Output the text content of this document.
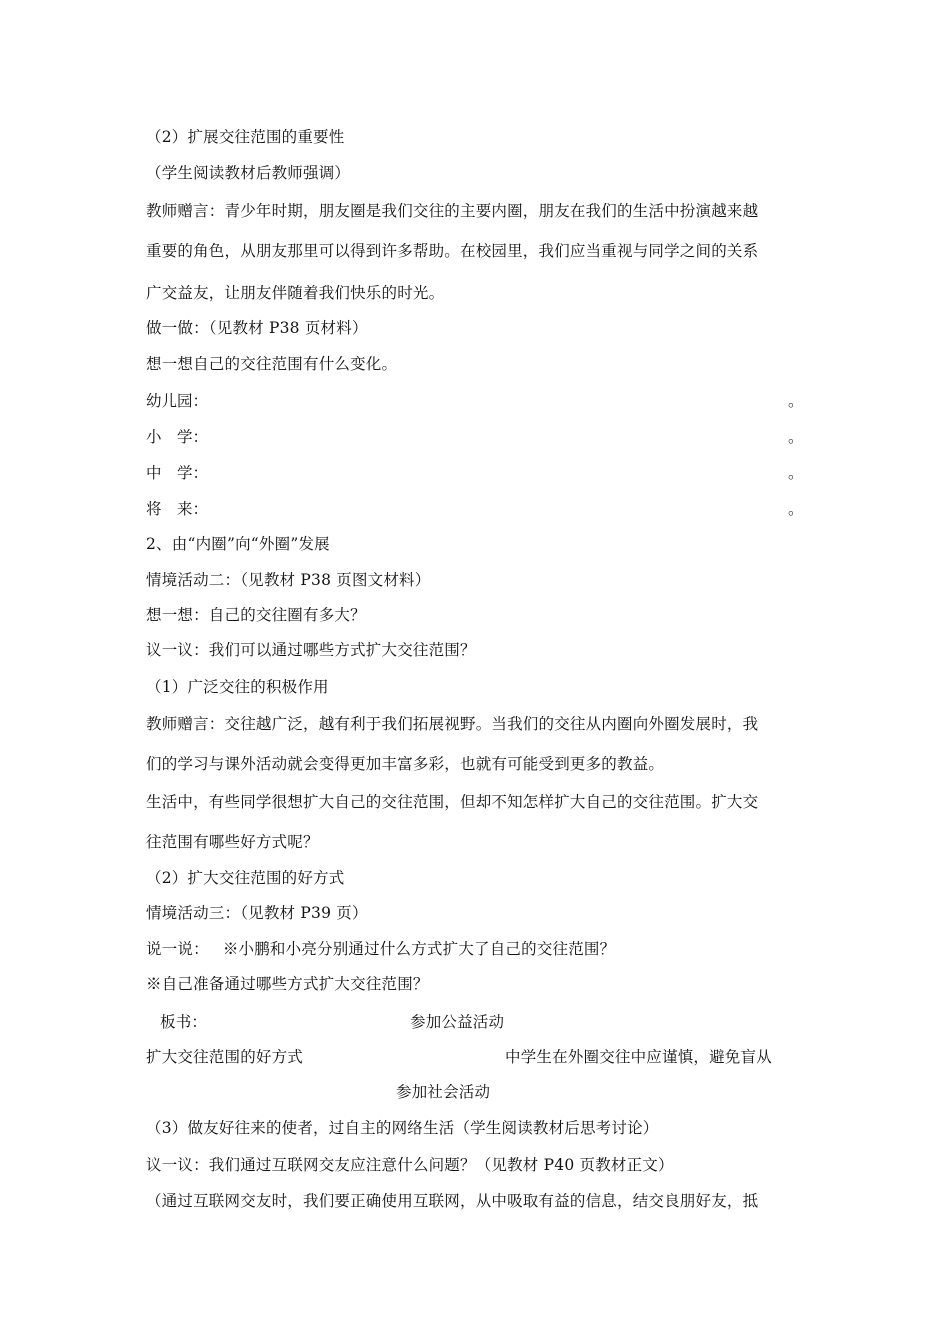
（2）扩展交往范围的重要性
（学生阅读教材后教师强调）
教师赠言：青少年时期，朋友圈是我们交往的主要内圈，朋友在我们的生活中扮演越来越
重要的角色，从朋友那里可以得到许多帮助。在校园里，我们应当重视与同学之间的关系
广交益友，让朋友伴随着我们快乐的时光。
做一做：（见教材 P38 页材料）
想一想自己的交往范围有什么变化。
幼儿园：	。
小　学：	。
中　学：	。
将　来：	。
2、由“内圈”向“外圈”发展
情境活动二：（见教材 P38 页图文材料）
想一想：自己的交往圈有多大？
议一议：我们可以通过哪些方式扩大交往范围？
（1）广泛交往的积极作用
教师赠言：交往越广泛，越有利于我们拓展视野。当我们的交往从内圈向外圈发展时，我
们的学习与课外活动就会变得更加丰富多彩，也就有可能受到更多的教益。
生活中，有些同学很想扩大自己的交往范围，但却不知怎样扩大自己的交往范围。扩大交
往范围有哪些好方式呢？
（2）扩大交往范围的好方式
情境活动三：（见教材 P39 页）
说一说： ※小鹏和小亮分别通过什么方式扩大了自己的交往范围？
※自己准备通过哪些方式扩大交往范围？
板书：	参加公益活动
扩大交往范围的好方式	中学生在外圈交往中应谨慎，避免盲从
参加社会活动
（3）做友好往来的使者，过自主的网络生活（学生阅读教材后思考讨论）
议一议：我们通过互联网交友应注意什么问题？（见教材 P40 页教材正文）
（通过互联网交友时，我们要正确使用互联网，从中吸取有益的信息，结交良朋好友，抵
